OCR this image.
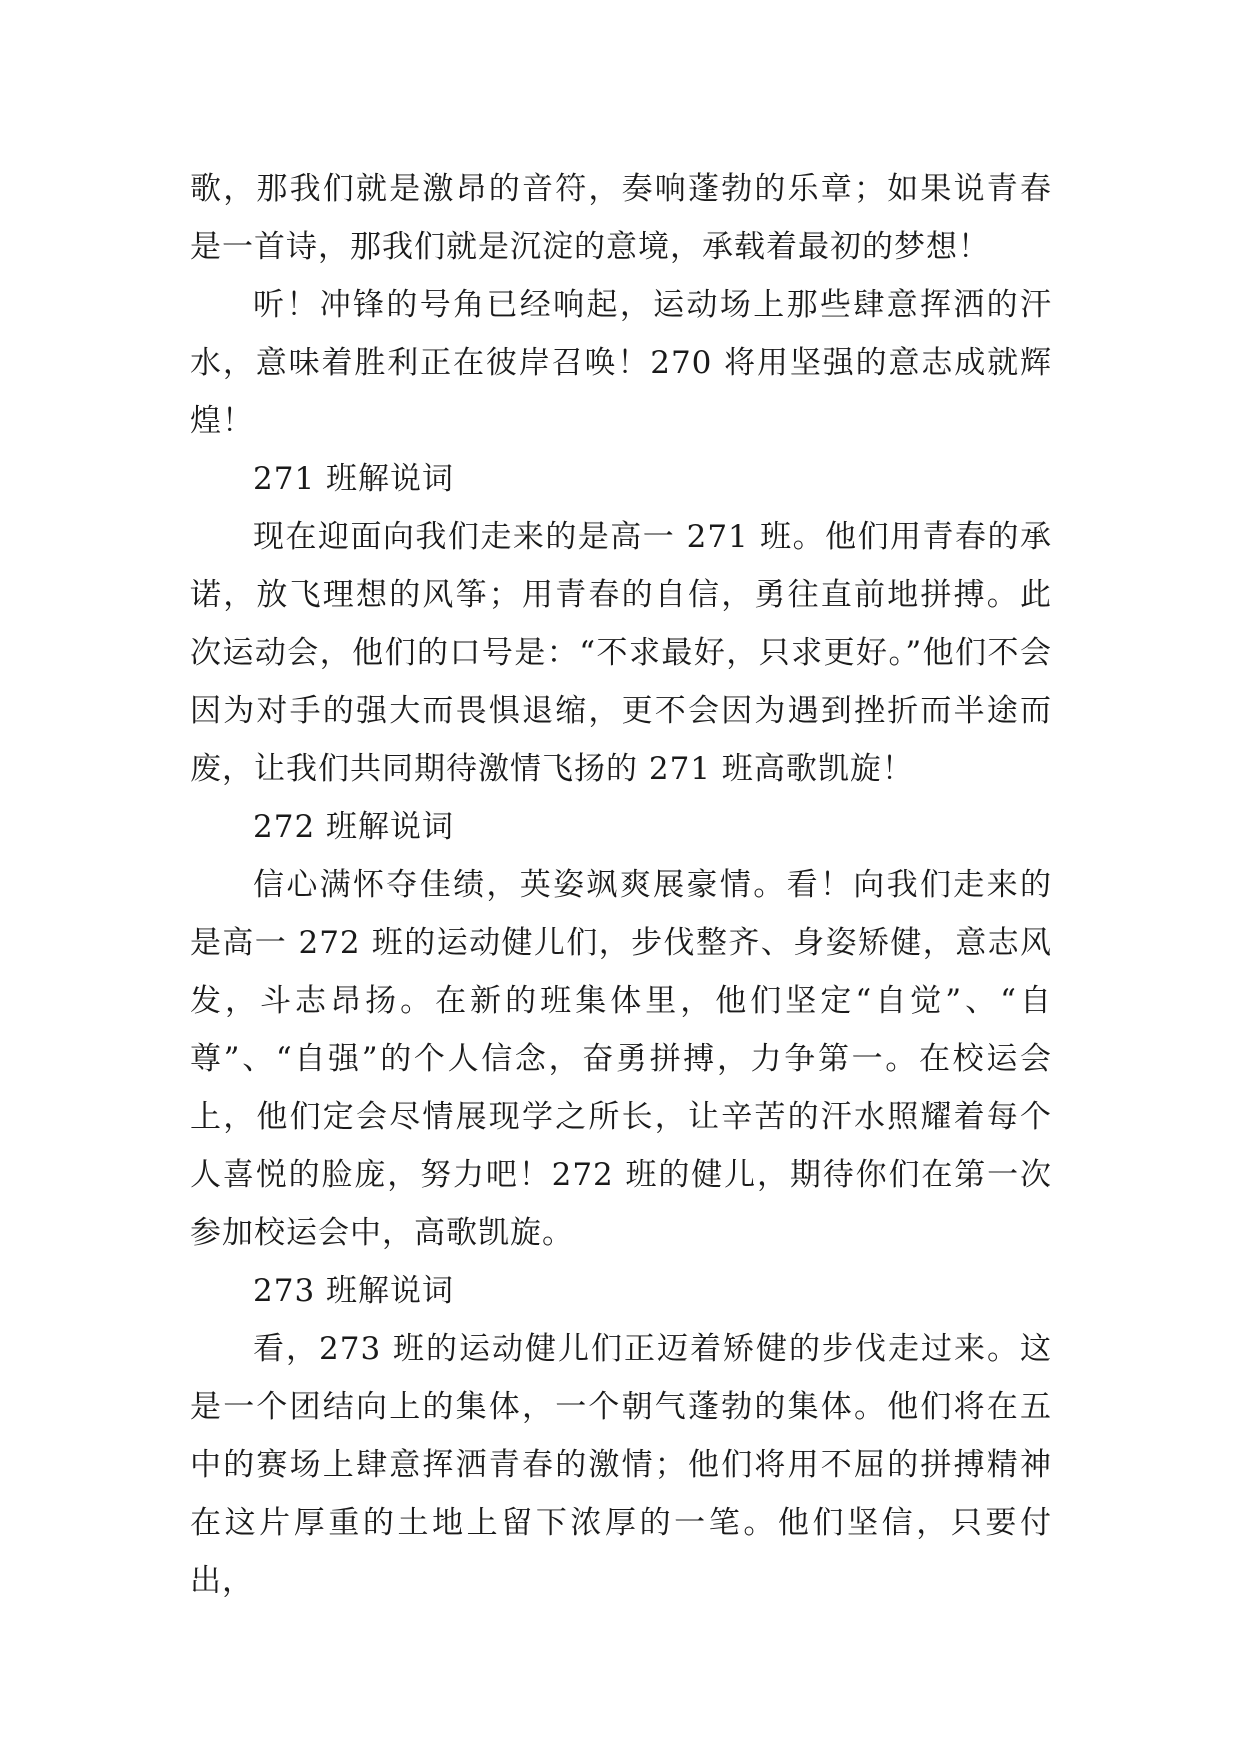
歌，那我们就是激昂的音符，奏响蓬勃的乐章；如果说青春是一首诗，那我们就是沉淀的意境，承载着最初的梦想！

听！冲锋的号角已经响起，运动场上那些肆意挥洒的汗水，意味着胜利正在彼岸召唤！270 将用坚强的意志成就辉煌！

271 班解说词

现在迎面向我们走来的是高一 271 班。他们用青春的承诺，放飞理想的风筝；用青春的自信，勇往直前地拼搏。此次运动会，他们的口号是：“不求最好，只求更好。”他们不会因为对手的强大而畏惧退缩，更不会因为遇到挫折而半途而废，让我们共同期待激情飞扬的 271 班高歌凯旋！

272 班解说词

信心满怀夺佳绩，英姿飒爽展豪情。看！向我们走来的是高一 272 班的运动健儿们，步伐整齐、身姿矫健，意志风发，斗志昂扬。在新的班集体里，他们坚定“自觉”、“自尊”、“自强”的个人信念，奋勇拼搏，力争第一。在校运会上，他们定会尽情展现学之所长，让辛苦的汗水照耀着每个人喜悦的脸庞，努力吧！272 班的健儿，期待你们在第一次参加校运会中，高歌凯旋。

273 班解说词

看，273 班的运动健儿们正迈着矫健的步伐走过来。这是一个团结向上的集体，一个朝气蓬勃的集体。他们将在五中的赛场上肆意挥洒青春的激情；他们将用不屈的拼搏精神在这片厚重的土地上留下浓厚的一笔。他们坚信，只要付出，
